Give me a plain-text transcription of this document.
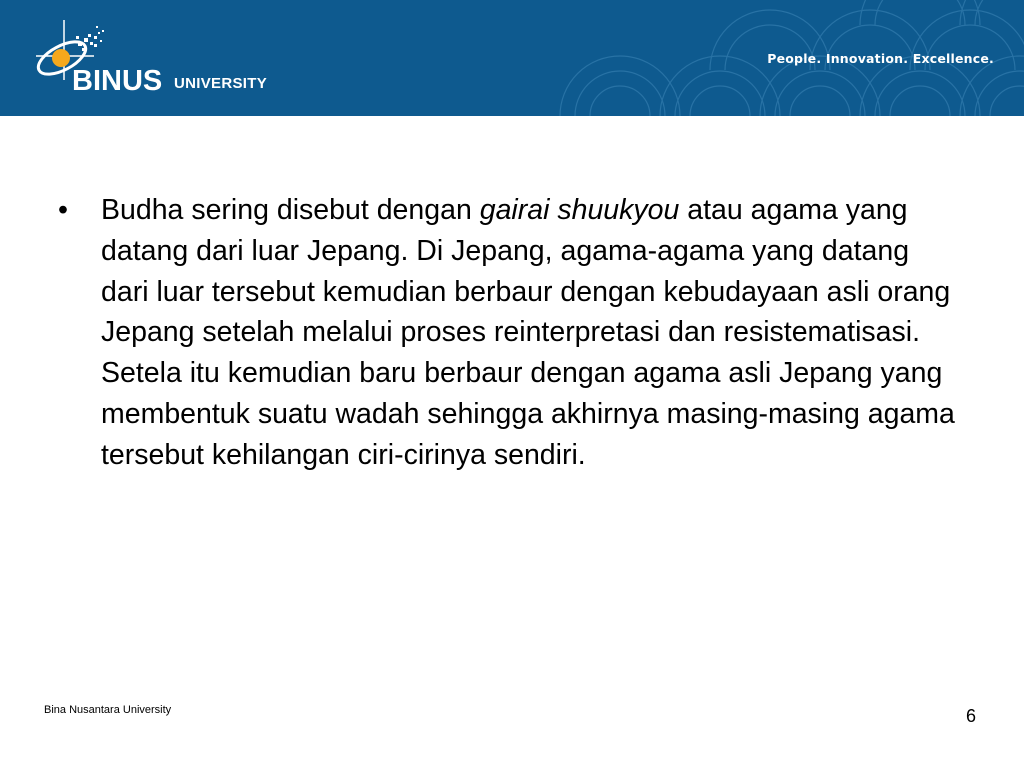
BINUS UNIVERSITY
People. Innovation. Excellence.
• Budha sering disebut dengan gairai shuukyou atau agama yang datang dari luar Jepang. Di Jepang, agama-agama yang datang dari luar tersebut kemudian berbaur dengan kebudayaan asli orang Jepang setelah melalui proses reinterpretasi dan resistematisasi. Setela itu kemudian baru berbaur dengan agama asli Jepang yang membentuk suatu wadah sehingga akhirnya masing-masing agama tersebut kehilangan ciri-cirinya sendiri.
Bina Nusantara University	6
